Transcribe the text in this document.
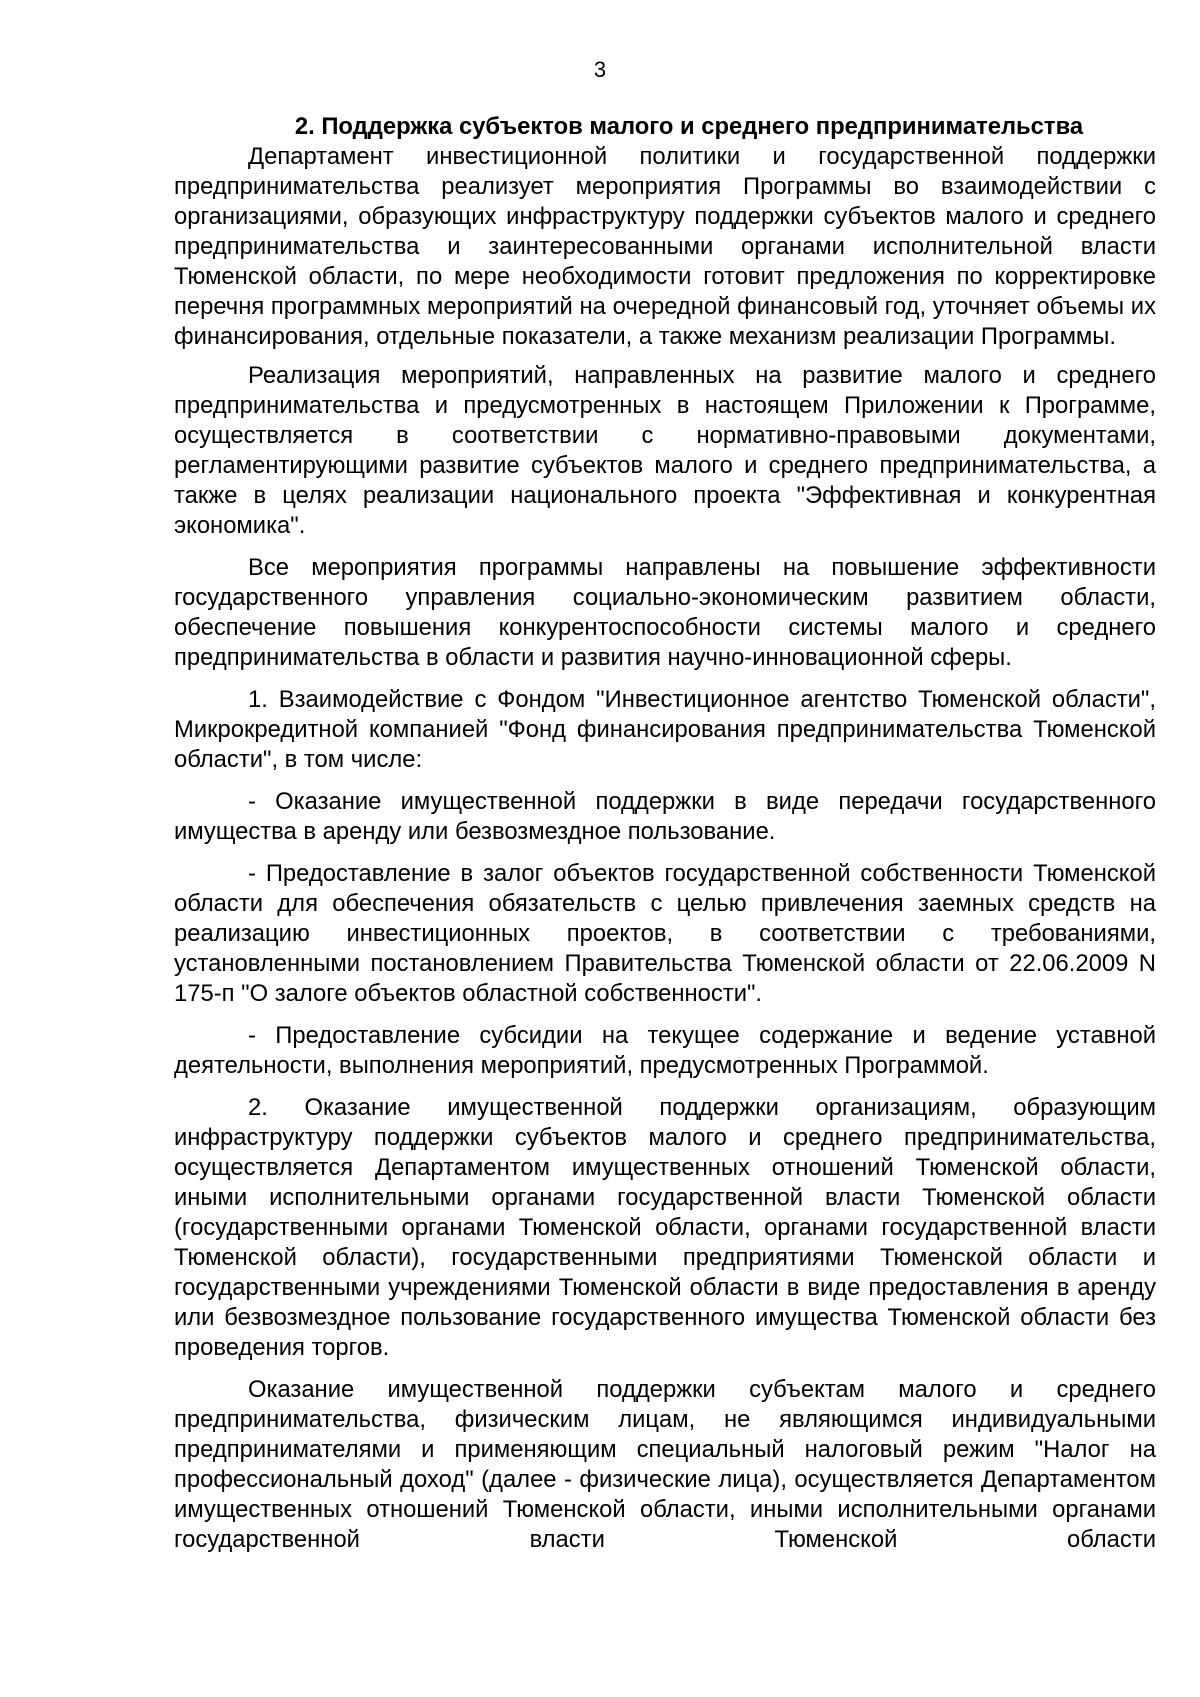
3
2. Поддержка субъектов малого и среднего предпринимательства

Департамент инвестиционной политики и государственной поддержки предпринимательства реализует мероприятия Программы во взаимодействии с организациями, образующих инфраструктуру поддержки субъектов малого и среднего предпринимательства и заинтересованными органами исполнительной власти Тюменской области, по мере необходимости готовит предложения по корректировке перечня программных мероприятий на очередной финансовый год, уточняет объемы их финансирования, отдельные показатели, а также механизм реализации Программы.

Реализация мероприятий, направленных на развитие малого и среднего предпринимательства и предусмотренных в настоящем Приложении к Программе, осуществляется в соответствии с нормативно-правовыми документами, регламентирующими развитие субъектов малого и среднего предпринимательства, а также в целях реализации национального проекта "Эффективная и конкурентная экономика".

Все мероприятия программы направлены на повышение эффективности государственного управления социально-экономическим развитием области, обеспечение повышения конкурентоспособности системы малого и среднего предпринимательства в области и развития научно-инновационной сферы.

1. Взаимодействие с Фондом "Инвестиционное агентство Тюменской области", Микрокредитной компанией "Фонд финансирования предпринимательства Тюменской области", в том числе:

- Оказание имущественной поддержки в виде передачи государственного имущества в аренду или безвозмездное пользование.

- Предоставление в залог объектов государственной собственности Тюменской области для обеспечения обязательств с целью привлечения заемных средств на реализацию инвестиционных проектов, в соответствии с требованиями, установленными постановлением Правительства Тюменской области от 22.06.2009 N 175-п "О залоге объектов областной собственности".

- Предоставление субсидии на текущее содержание и ведение уставной деятельности, выполнения мероприятий, предусмотренных Программой.

2. Оказание имущественной поддержки организациям, образующим инфраструктуру поддержки субъектов малого и среднего предпринимательства, осуществляется Департаментом имущественных отношений Тюменской области, иными исполнительными органами государственной власти Тюменской области (государственными органами Тюменской области, органами государственной власти Тюменской области), государственными предприятиями Тюменской области и государственными учреждениями Тюменской области в виде предоставления в аренду или безвозмездное пользование государственного имущества Тюменской области без проведения торгов.

Оказание имущественной поддержки субъектам малого и среднего предпринимательства, физическим лицам, не являющимся индивидуальными предпринимателями и применяющим специальный налоговый режим "Налог на профессиональный доход" (далее - физические лица), осуществляется Департаментом имущественных отношений Тюменской области, иными исполнительными органами государственной власти Тюменской области
